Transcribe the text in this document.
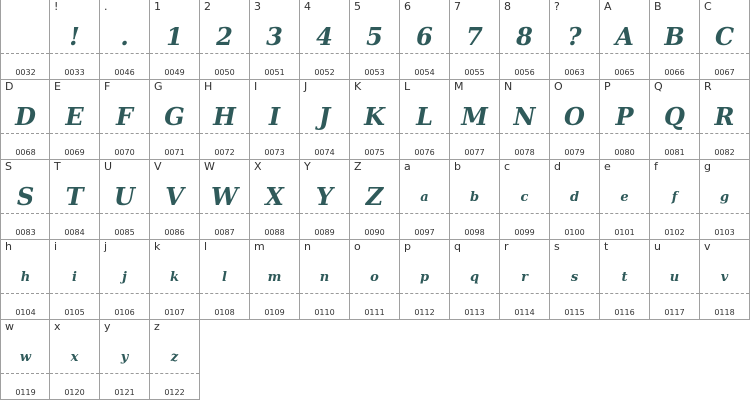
0032
!
!
0033
.
.
0046
1
1
0049
2
2
0050
3
3
0051
4
4
0052
5
5
0053
6
6
0054
7
7
0055
8
8
0056
?
?
0063
A
A
0065
B
B
0066
C
C
0067
D
D
0068
E
E
0069
F
F
0070
G
G
0071
H
H
0072
I
I
0073
J
J
0074
K
K
0075
L
L
0076
M
M
0077
N
N
0078
O
O
0079
P
P
0080
Q
Q
0081
R
R
0082
S
S
0083
T
T
0084
U
U
0085
V
V
0086
W
W
0087
X
X
0088
Y
Y
0089
Z
Z
0090
a
a
0097
b
b
0098
c
c
0099
d
d
0100
e
e
0101
f
f
0102
g
g
0103
h
h
0104
i
i
0105
j
j
0106
k
k
0107
l
l
0108
m
m
0109
n
n
0110
o
o
0111
p
p
0112
q
q
0113
r
r
0114
s
s
0115
t
t
0116
u
u
0117
v
v
0118
w
w
0119
x
x
0120
y
y
0121
z
z
0122
